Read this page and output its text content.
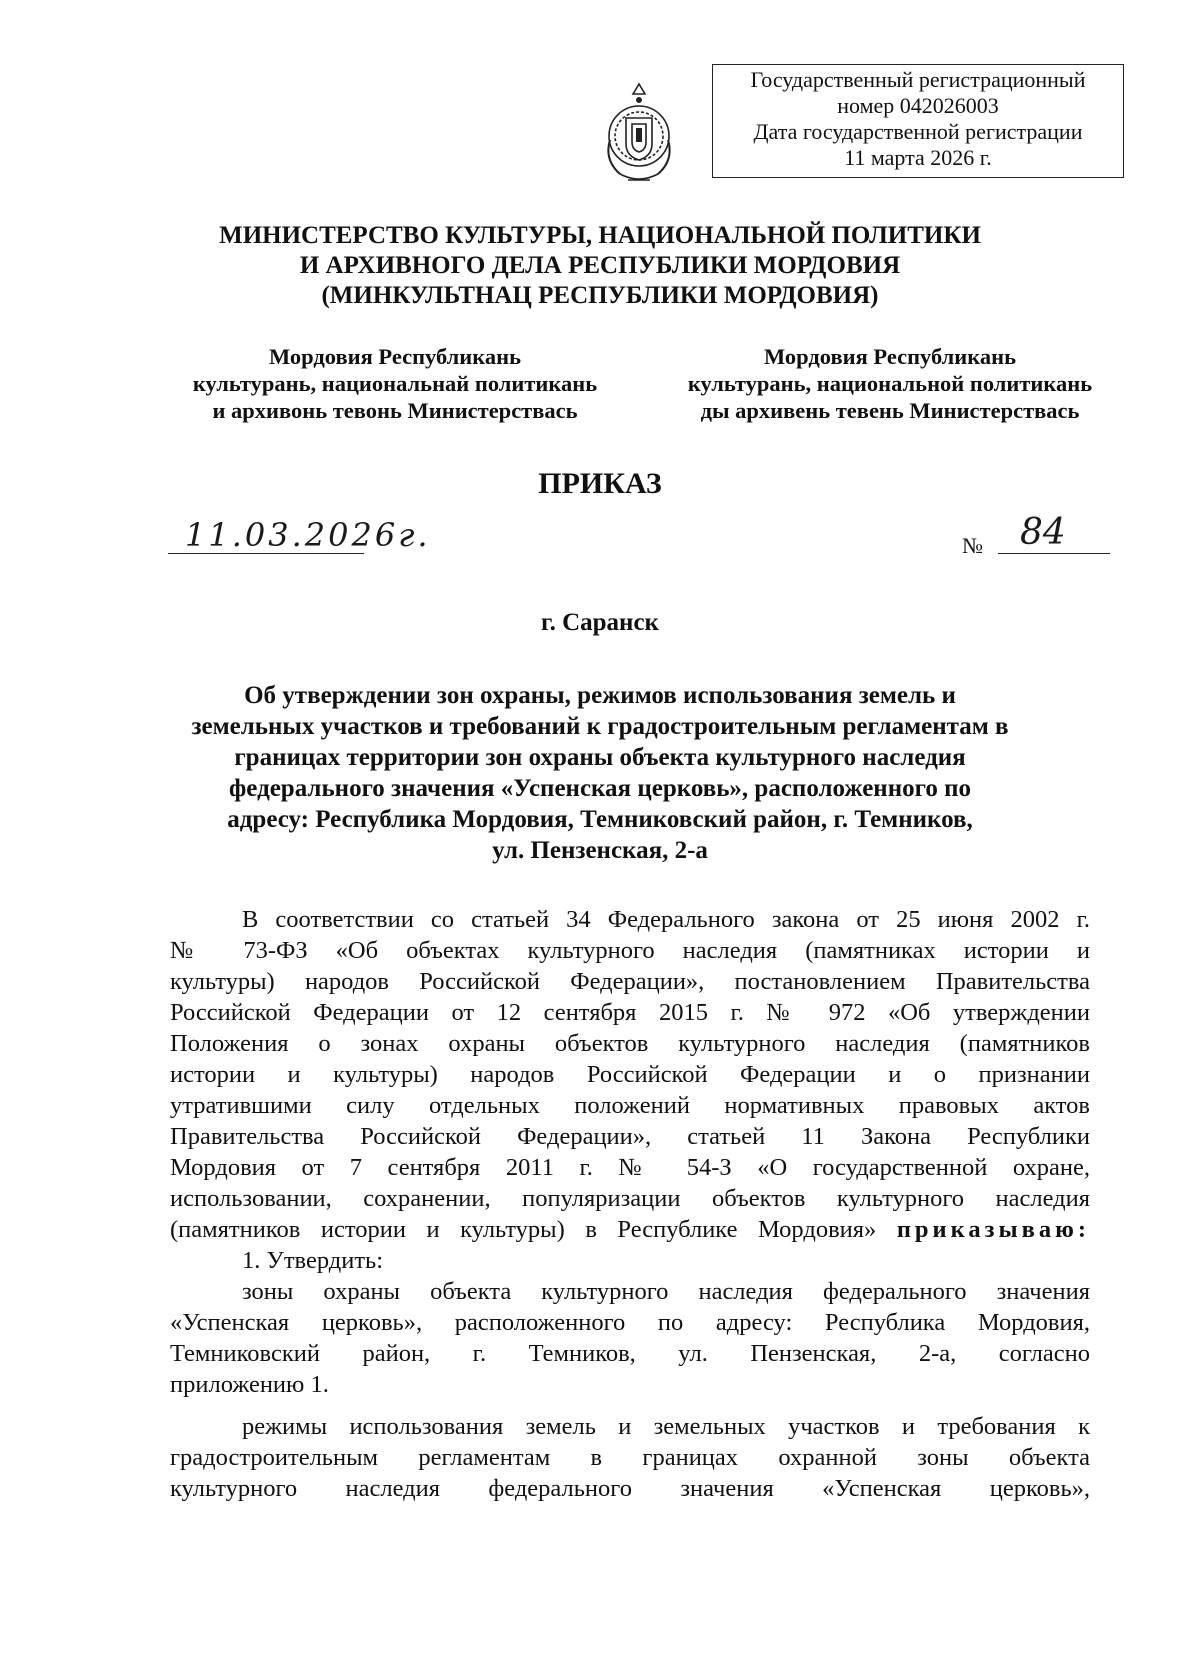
Государственный регистрационный
номер 042026003
Дата государственной регистрации
11 марта 2026 г.
МИНИСТЕРСТВО КУЛЬТУРЫ, НАЦИОНАЛЬНОЙ ПОЛИТИКИ
И АРХИВНОГО ДЕЛА РЕСПУБЛИКИ МОРДОВИЯ
(МИНКУЛЬТНАЦ РЕСПУБЛИКИ МОРДОВИЯ)
Мордовия Республикань
культурань, национальнай политикань
и архивонь тевонь Министерствась
Мордовия Республикань
культурань, национальной политикань
ды архивень тевень Министерствась
ПРИКАЗ
11.03.2026г.	№ 84
г. Саранск
Об утверждении зон охраны, режимов использования земель и
земельных участков и требований к градостроительным регламентам в
границах территории зон охраны объекта культурного наследия
федерального значения «Успенская церковь», расположенного по
адресу: Республика Мордовия, Темниковский район, г. Темников,
ул. Пензенская, 2-а
В соответствии со статьей 34 Федерального закона от 25 июня 2002 г.
№ 73-ФЗ «Об объектах культурного наследия (памятниках истории и
культуры) народов Российской Федерации», постановлением Правительства
Российской Федерации от 12 сентября 2015 г. № 972 «Об утверждении
Положения о зонах охраны объектов культурного наследия (памятников
истории и культуры) народов Российской Федерации и о признании
утратившими силу отдельных положений нормативных правовых актов
Правительства Российской Федерации», статьей 11 Закона Республики
Мордовия от 7 сентября 2011 г. № 54-З «О государственной охране,
использовании, сохранении, популяризации объектов культурного наследия
(памятников истории и культуры) в Республике Мордовия» приказываю:
1. Утвердить:
зоны охраны объекта культурного наследия федерального значения
«Успенская церковь», расположенного по адресу: Республика Мордовия,
Темниковский район, г. Темников, ул. Пензенская, 2-а, согласно
приложению 1.
режимы использования земель и земельных участков и требования к
градостроительным регламентам в границах охранной зоны объекта
культурного наследия федерального значения «Успенская церковь»,
